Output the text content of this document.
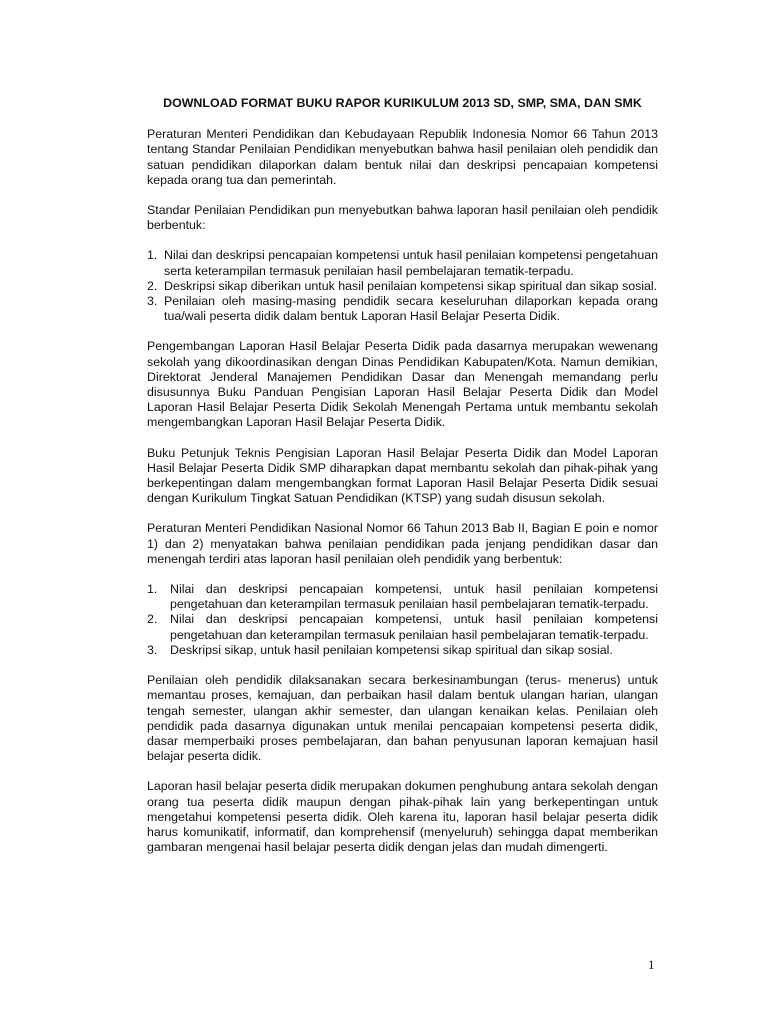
DOWNLOAD FORMAT BUKU RAPOR KURIKULUM 2013 SD, SMP, SMA, DAN SMK

Peraturan Menteri Pendidikan dan Kebudayaan Republik Indonesia Nomor 66 Tahun 2013 tentang Standar Penilaian Pendidikan menyebutkan bahwa hasil penilaian oleh pendidik dan satuan pendidikan dilaporkan dalam bentuk nilai dan deskripsi pencapaian kompetensi kepada orang tua dan pemerintah.

Standar Penilaian Pendidikan pun menyebutkan bahwa laporan hasil penilaian oleh pendidik berbentuk:

1. Nilai dan deskripsi pencapaian kompetensi untuk hasil penilaian kompetensi pengetahuan serta keterampilan termasuk penilaian hasil pembelajaran tematik-terpadu.
2. Deskripsi sikap diberikan untuk hasil penilaian kompetensi sikap spiritual dan sikap sosial.
3. Penilaian oleh masing-masing pendidik secara keseluruhan dilaporkan kepada orang tua/wali peserta didik dalam bentuk Laporan Hasil Belajar Peserta Didik.

Pengembangan Laporan Hasil Belajar Peserta Didik pada dasarnya merupakan wewenang sekolah yang dikoordinasikan dengan Dinas Pendidikan Kabupaten/Kota. Namun demikian, Direktorat Jenderal Manajemen Pendidikan Dasar dan Menengah memandang perlu disusunnya Buku Panduan Pengisian Laporan Hasil Belajar Peserta Didik dan Model Laporan Hasil Belajar Peserta Didik Sekolah Menengah Pertama untuk membantu sekolah mengembangkan Laporan Hasil Belajar Peserta Didik.

Buku Petunjuk Teknis Pengisian Laporan Hasil Belajar Peserta Didik dan Model Laporan Hasil Belajar Peserta Didik SMP diharapkan dapat membantu sekolah dan pihak-pihak yang berkepentingan dalam mengembangkan format Laporan Hasil Belajar Peserta Didik sesuai dengan Kurikulum Tingkat Satuan Pendidikan (KTSP) yang sudah disusun sekolah.

Peraturan Menteri Pendidikan Nasional Nomor 66 Tahun 2013 Bab II, Bagian E poin e nomor 1) dan 2) menyatakan bahwa penilaian pendidikan pada jenjang pendidikan dasar dan menengah terdiri atas laporan hasil penilaian oleh pendidik yang berbentuk:

1. Nilai dan deskripsi pencapaian kompetensi, untuk hasil penilaian kompetensi pengetahuan dan keterampilan termasuk penilaian hasil pembelajaran tematik-terpadu.
2. Nilai dan deskripsi pencapaian kompetensi, untuk hasil penilaian kompetensi pengetahuan dan keterampilan termasuk penilaian hasil pembelajaran tematik-terpadu.
3. Deskripsi sikap, untuk hasil penilaian kompetensi sikap spiritual dan sikap sosial.

Penilaian oleh pendidik dilaksanakan secara berkesinambungan (terus- menerus) untuk memantau proses, kemajuan, dan perbaikan hasil dalam bentuk ulangan harian, ulangan tengah semester, ulangan akhir semester, dan ulangan kenaikan kelas. Penilaian oleh pendidik pada dasarnya digunakan untuk menilai pencapaian kompetensi peserta didik, dasar memperbaiki proses pembelajaran, dan bahan penyusunan laporan kemajuan hasil belajar peserta didik.

Laporan hasil belajar peserta didik merupakan dokumen penghubung antara sekolah dengan orang tua peserta didik maupun dengan pihak-pihak lain yang berkepentingan untuk mengetahui kompetensi peserta didik. Oleh karena itu, laporan hasil belajar peserta didik harus komunikatif, informatif, dan komprehensif (menyeluruh) sehingga dapat memberikan gambaran mengenai hasil belajar peserta didik dengan jelas dan mudah dimengerti.

1
